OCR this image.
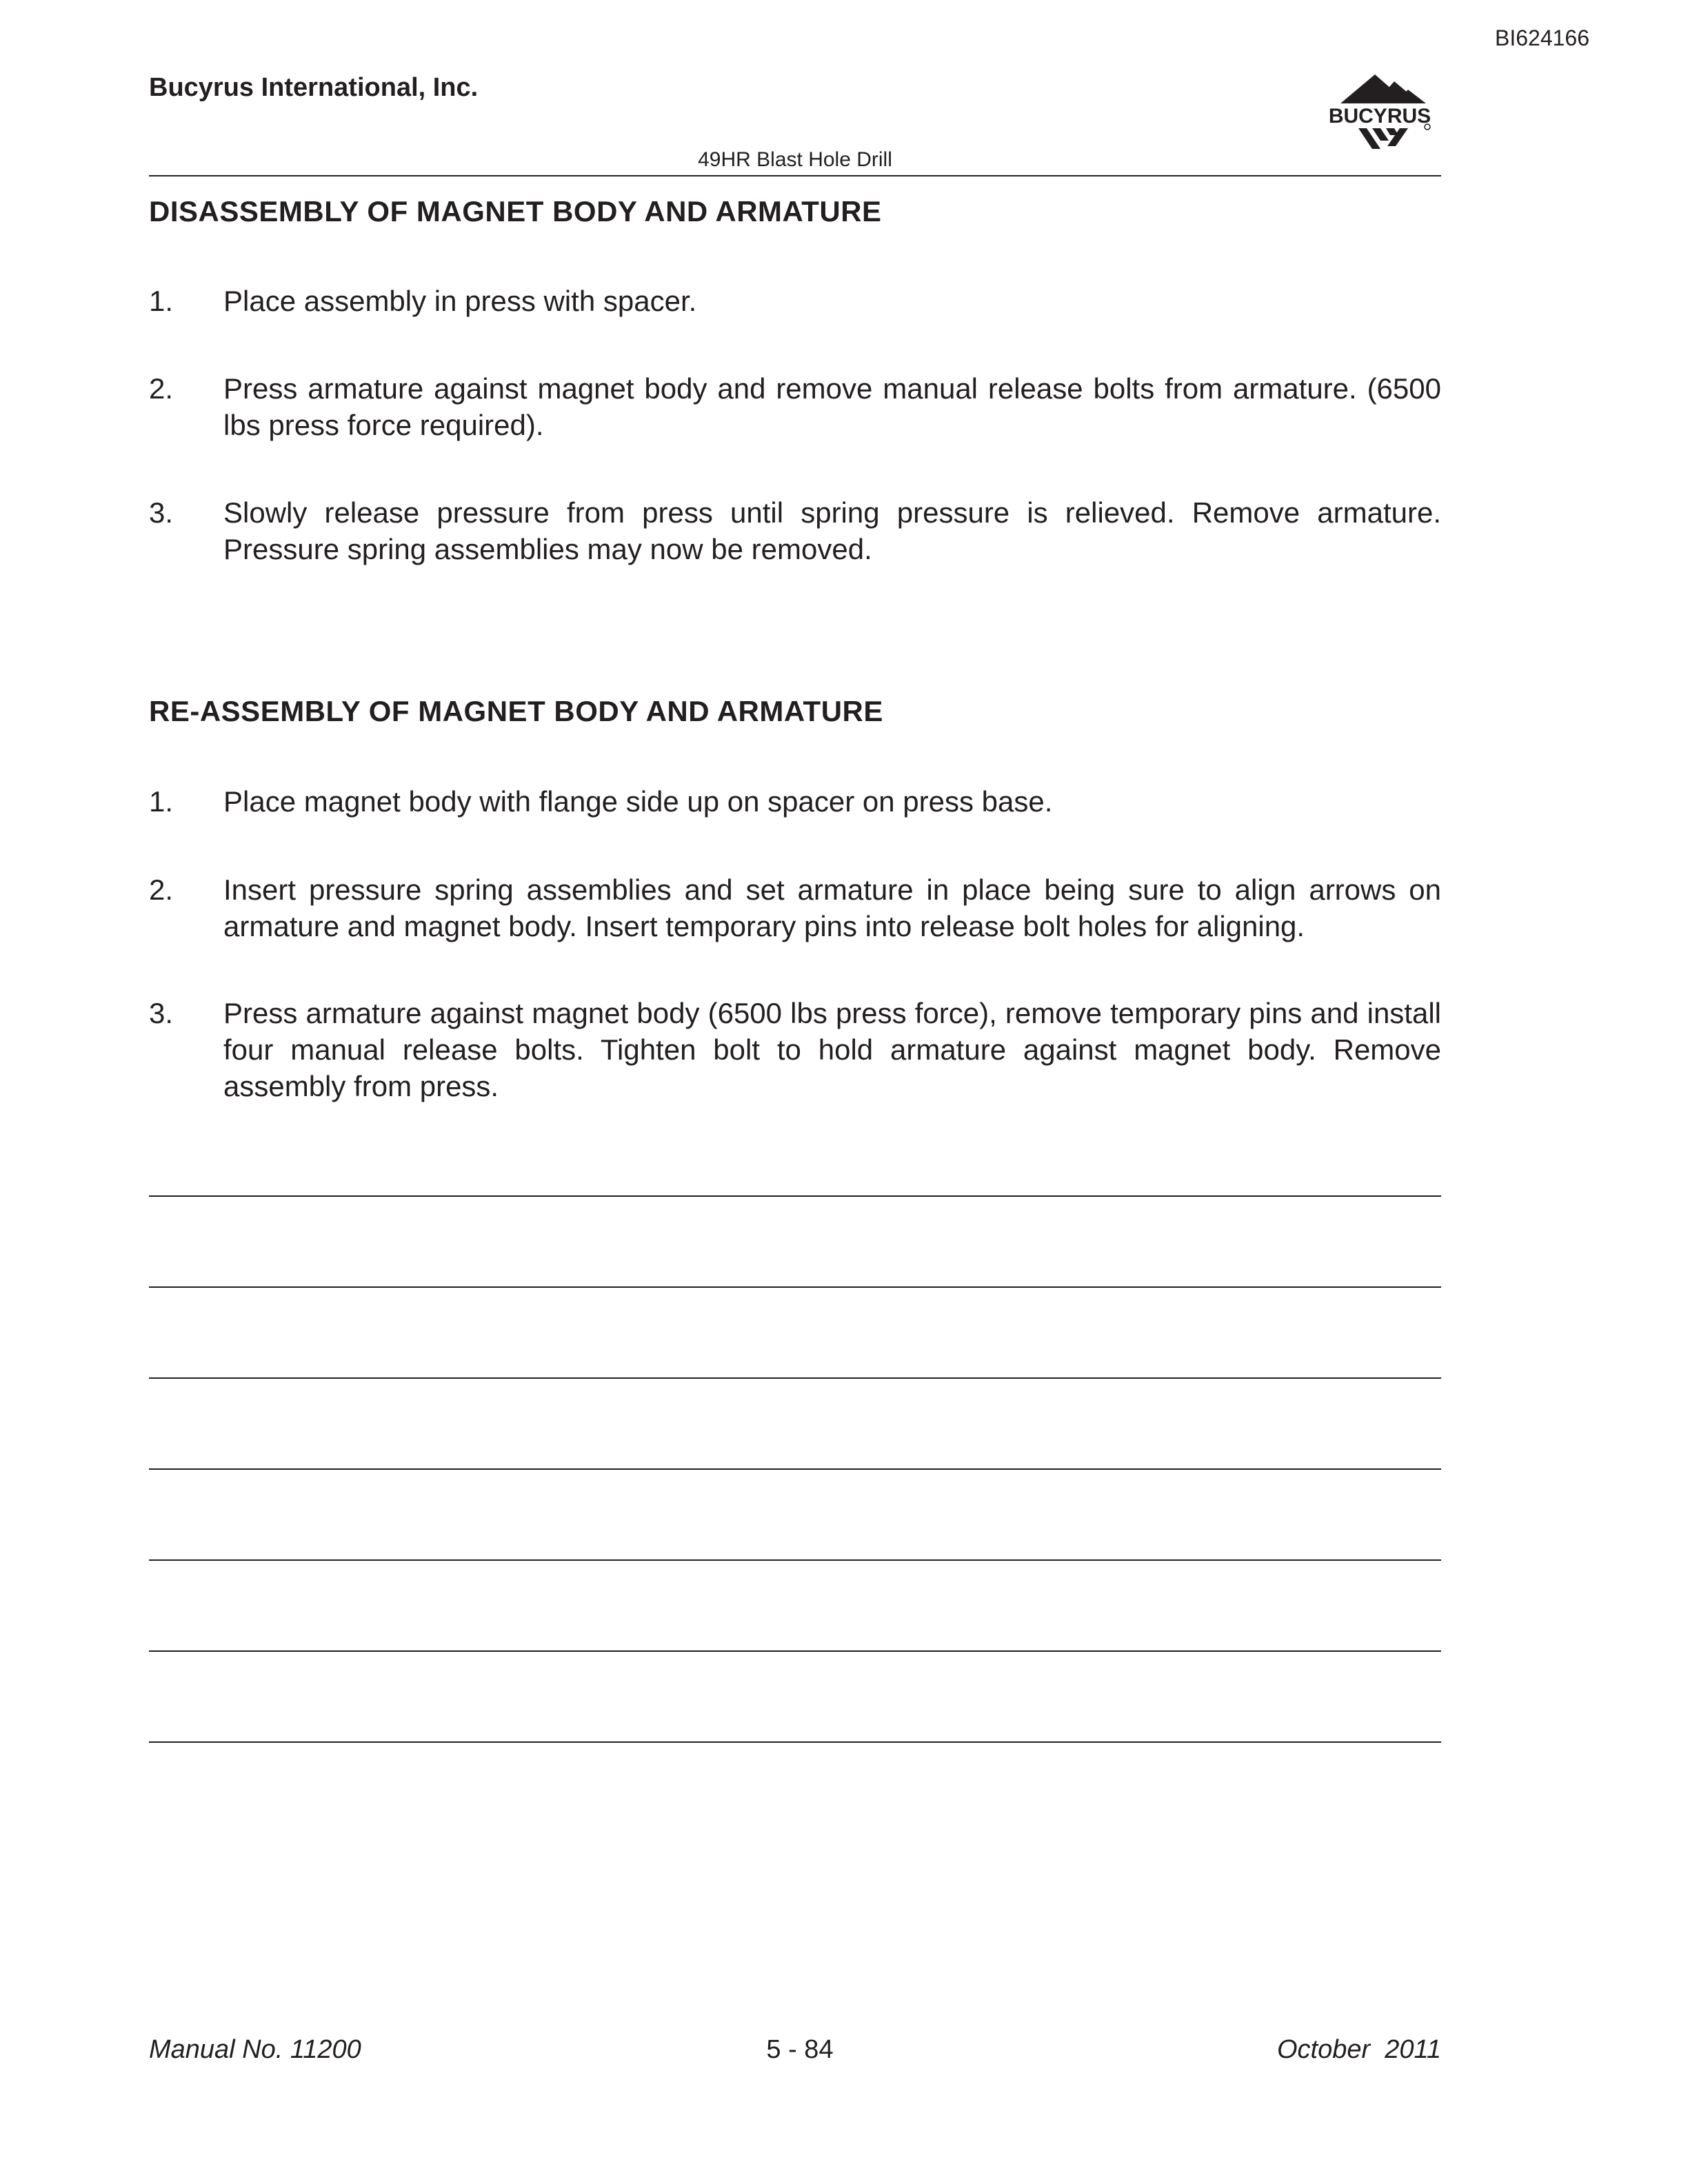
BI624166
Bucyrus International, Inc.
BUCYRUS
49HR Blast Hole Drill
DISASSEMBLY OF MAGNET BODY AND ARMATURE
1. Place assembly in press with spacer.
2. Press armature against magnet body and remove manual release bolts from armature. (6500 lbs press force required).
3. Slowly release pressure from press until spring pressure is relieved. Remove armature. Pressure spring assemblies may now be removed.
RE-ASSEMBLY OF MAGNET BODY AND ARMATURE
1. Place magnet body with flange side up on spacer on press base.
2. Insert pressure spring assemblies and set armature in place being sure to align arrows on armature and magnet body. Insert temporary pins into release bolt holes for aligning.
3. Press armature against magnet body (6500 lbs press force), remove temporary pins and install four manual release bolts. Tighten bolt to hold armature against magnet body. Remove assembly from press.
Manual No. 11200	5 - 84	October  2011
